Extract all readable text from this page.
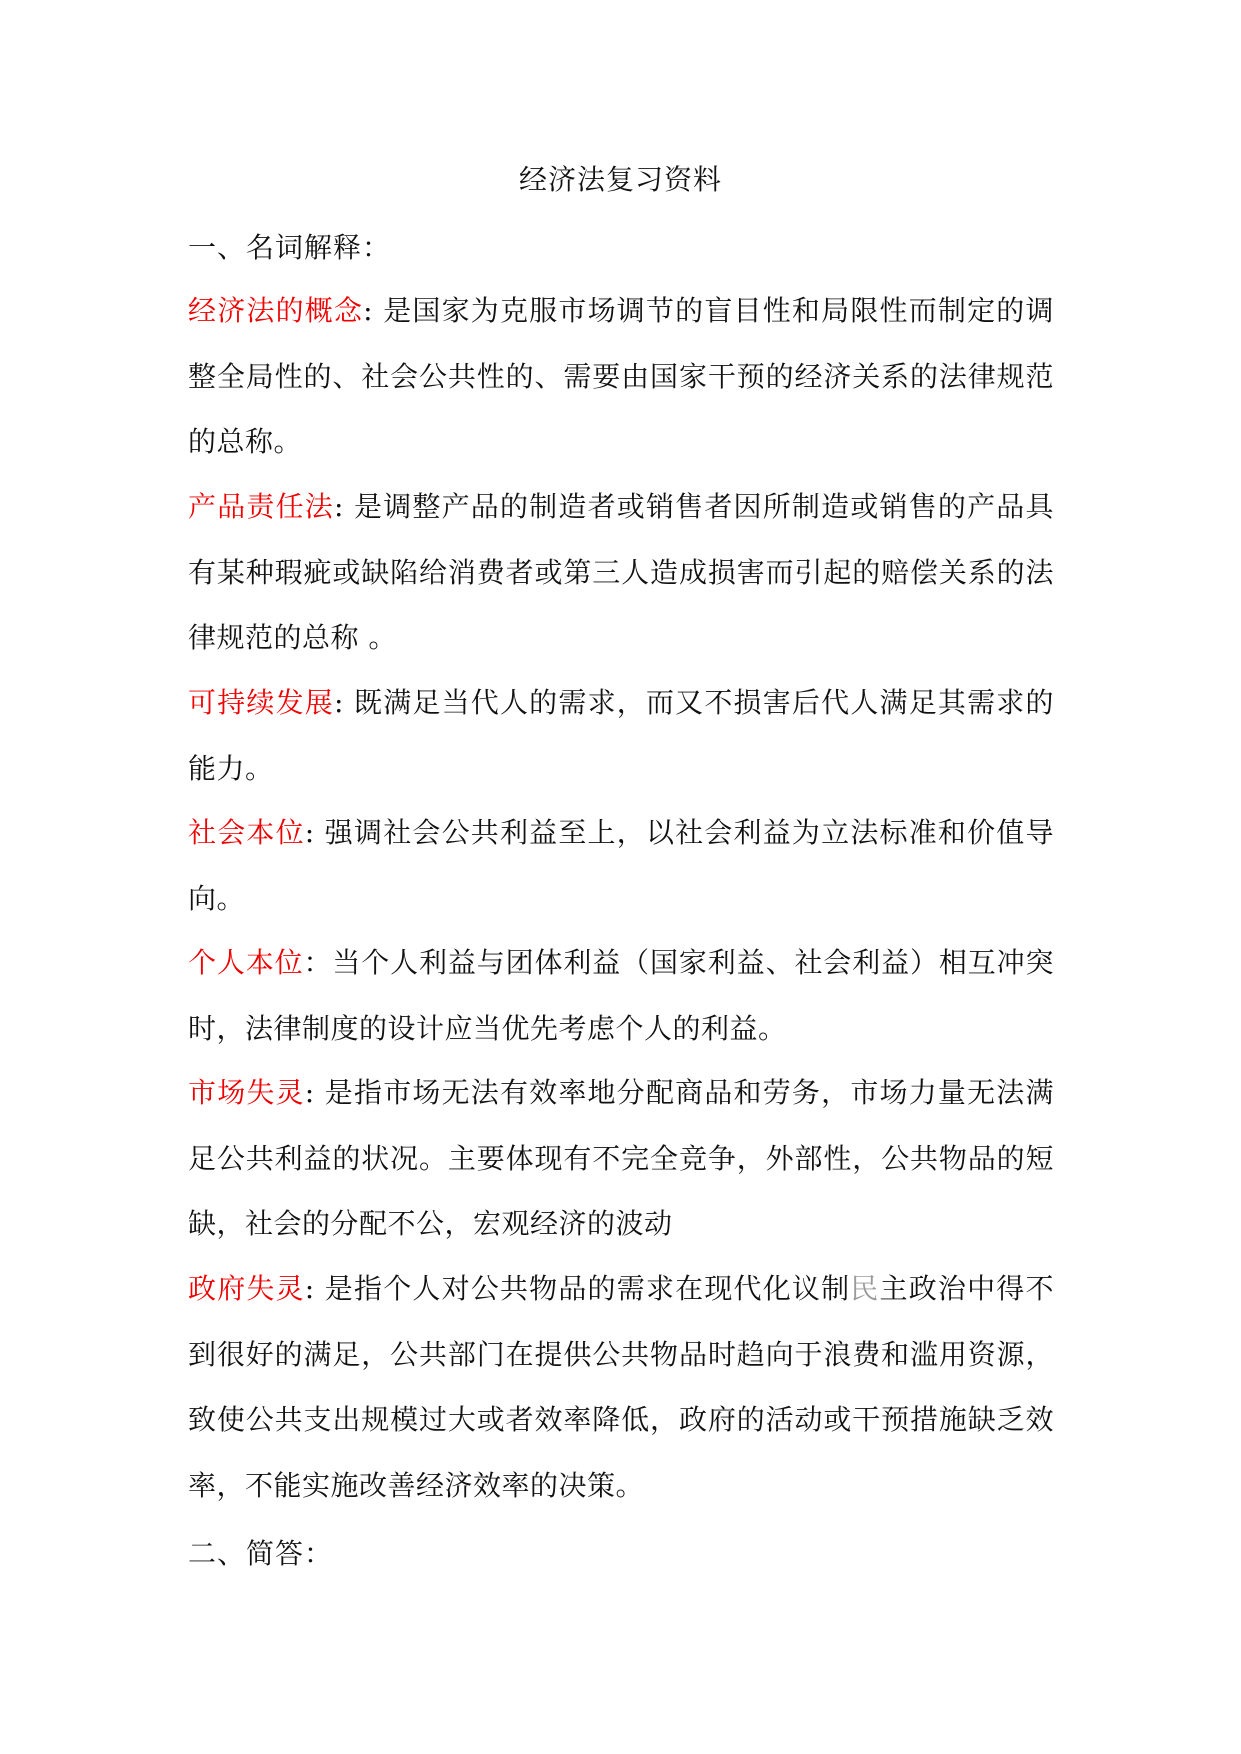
经济法复习资料
一、名词解释：

经济法的概念: 是国家为克服市场调节的盲目性和局限性而制定的调整全局性的、社会公共性的、需要由国家干预的经济关系的法律规范的总称。

产品责任法: 是调整产品的制造者或销售者因所制造或销售的产品具有某种瑕疵或缺陷给消费者或第三人造成损害而引起的赔偿关系的法律规范的总称 。

可持续发展: 既满足当代人的需求，而又不损害后代人满足其需求的能力。

社会本位: 强调社会公共利益至上，以社会利益为立法标准和价值导向。

个人本位：当个人利益与团体利益（国家利益、社会利益）相互冲突时，法律制度的设计应当优先考虑个人的利益。

市场失灵: 是指市场无法有效率地分配商品和劳务，市场力量无法满足公共利益的状况。主要体现有不完全竞争，外部性，公共物品的短缺，社会的分配不公，宏观经济的波动

政府失灵: 是指个人对公共物品的需求在现代化议制民主政治中得不到很好的满足，公共部门在提供公共物品时趋向于浪费和滥用资源，致使公共支出规模过大或者效率降低，政府的活动或干预措施缺乏效率，不能实施改善经济效率的决策。

二、简答：
